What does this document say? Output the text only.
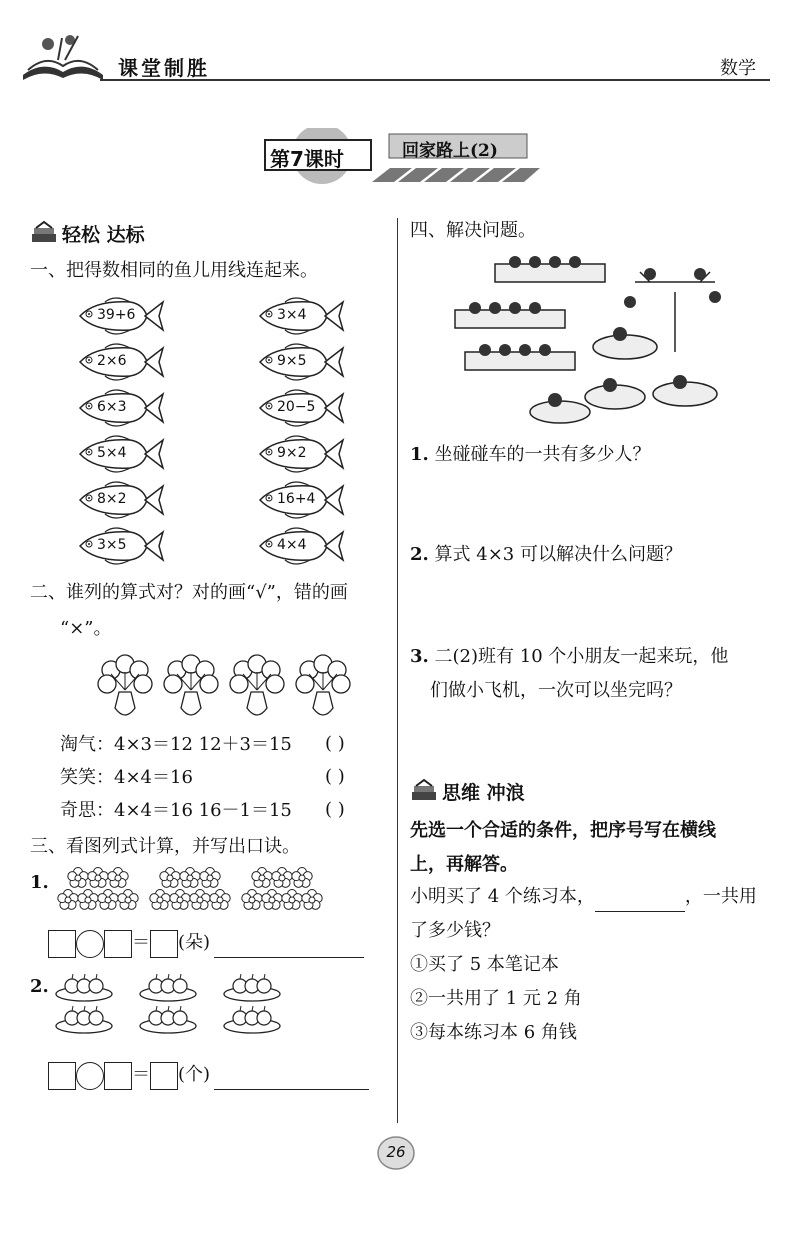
课堂制胜	数学
第7课时	回家路上(2)
轻松 达标
一、把得数相同的鱼儿用线连起来。
39+6	3×4
2×6	9×5
6×3	20−5
5×4	9×2
8×2	16+4
3×5	4×4
二、谁列的算式对？对的画“√”，错的画
“×”。
淘气：4×3＝12 12＋3＝15 ( )
笑笑：4×4＝16	( )
奇思：4×4＝16 16－1＝15 ( )
三、看图列式计算，并写出口诀。
1.
＝ (朵)
2.
＝ (个)
四、解决问题。
1. 坐碰碰车的一共有多少人？
2. 算式 4×3 可以解决什么问题？
3. 二(2)班有 10 个小朋友一起来玩，他
们做小飞机，一次可以坐完吗？
思维 冲浪
先选一个合适的条件，把序号写在横线
上，再解答。
小明买了 4 个练习本，	，一共用
了多少钱？
①买了 5 本笔记本
②一共用了 1 元 2 角
③每本练习本 6 角钱
26
